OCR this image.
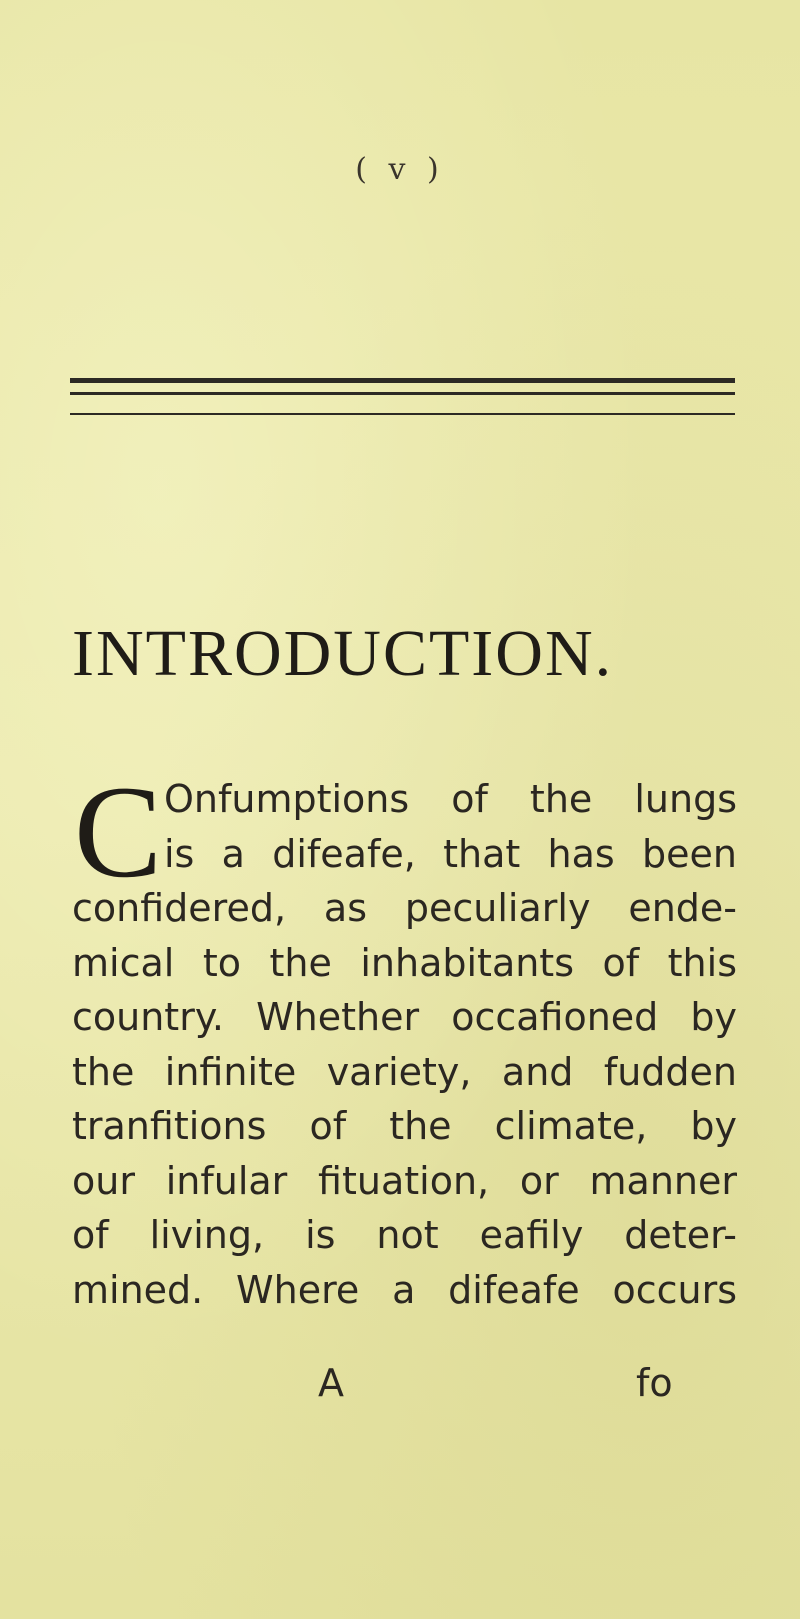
( v )
INTRODUCTION.
C Onfumptions of the lungs
is a difeafe, that has been
confidered, as peculiarly ende-
mical to the inhabitants of this
country. Whether occafioned by
the infinite variety, and fudden
tranfitions of the climate, by
our infular fituation, or manner
of living, is not eafily deter-
mined. Where a difeafe occurs
A	fo
